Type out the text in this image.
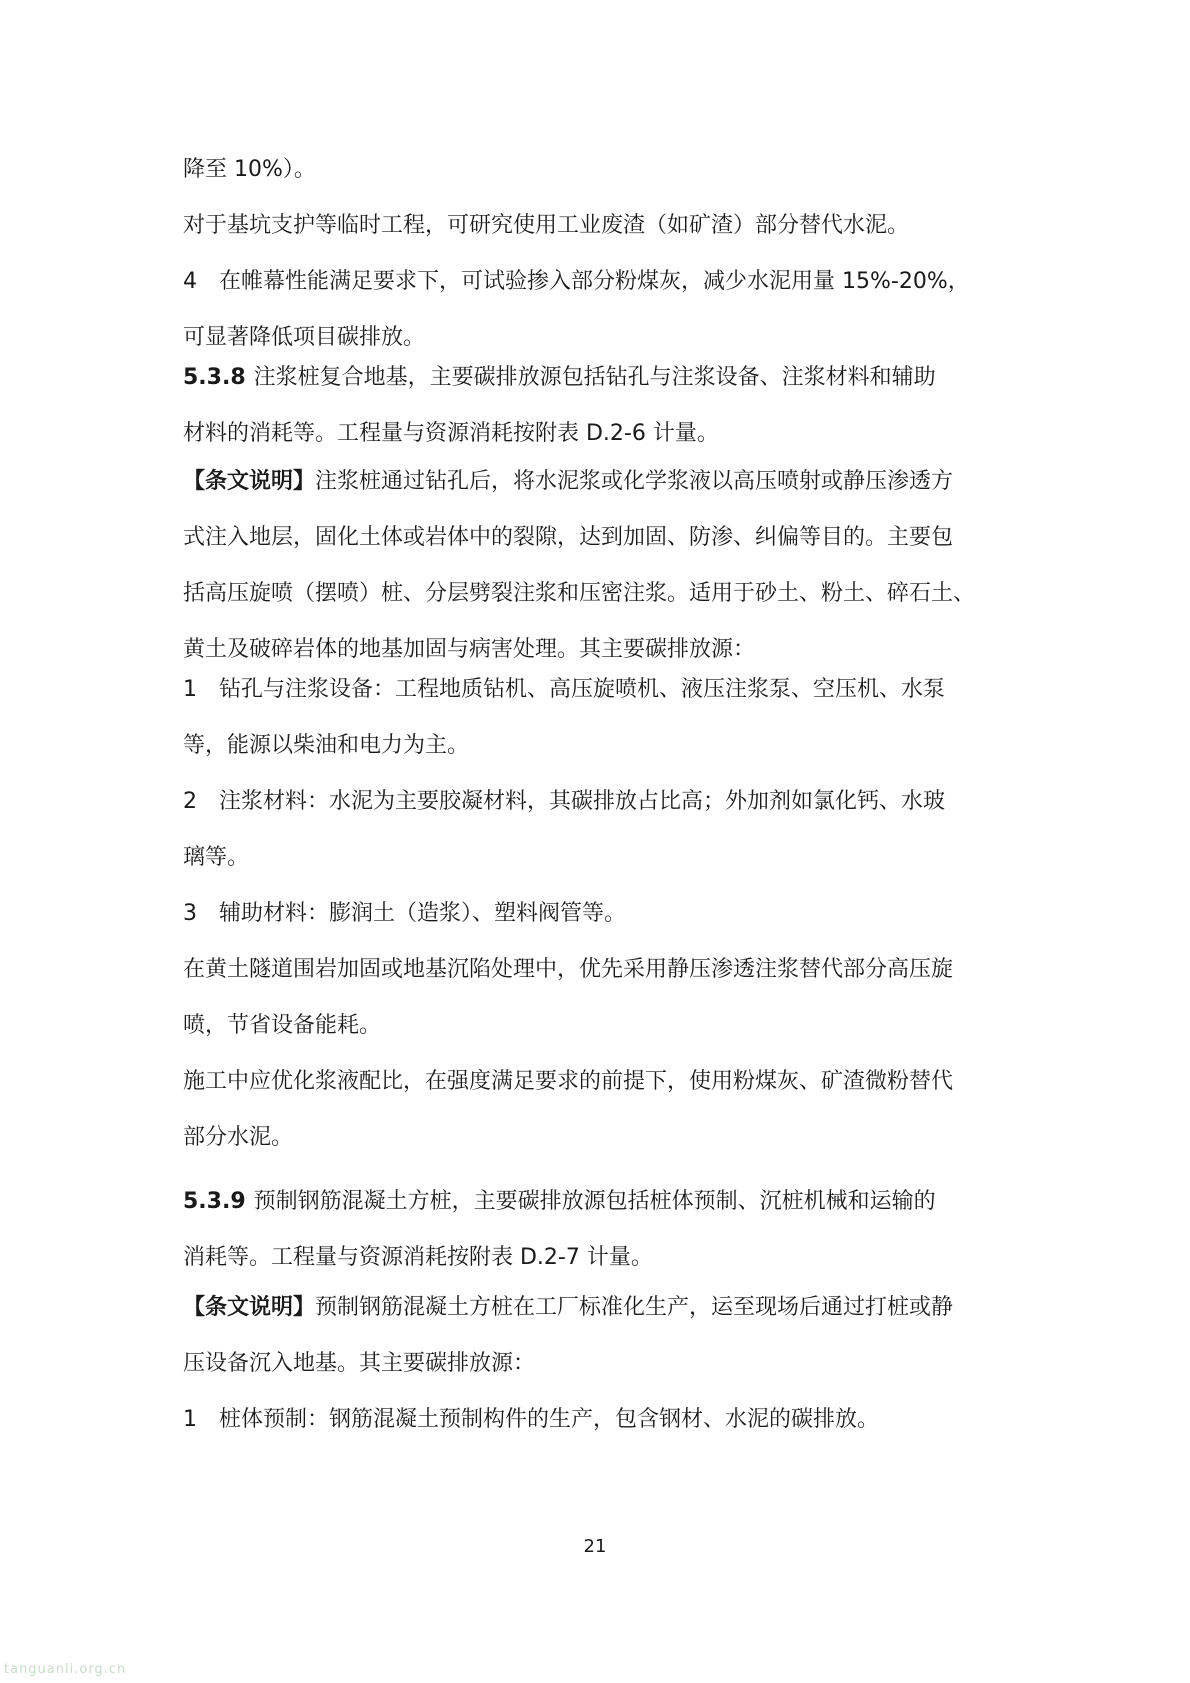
降至 10%）。
对于基坑支护等临时工程，可研究使用工业废渣（如矿渣）部分替代水泥。
4　在帷幕性能满足要求下，可试验掺入部分粉煤灰，减少水泥用量 15%-20%，
可显著降低项目碳排放。
5.3.8 注浆桩复合地基，主要碳排放源包括钻孔与注浆设备、注浆材料和辅助
材料的消耗等。工程量与资源消耗按附表 D.2-6 计量。
【条文说明】注浆桩通过钻孔后，将水泥浆或化学浆液以高压喷射或静压渗透方
式注入地层，固化土体或岩体中的裂隙，达到加固、防渗、纠偏等目的。主要包
括高压旋喷（摆喷）桩、分层劈裂注浆和压密注浆。适用于砂土、粉土、碎石土、
黄土及破碎岩体的地基加固与病害处理。其主要碳排放源：
1　钻孔与注浆设备：工程地质钻机、高压旋喷机、液压注浆泵、空压机、水泵
等，能源以柴油和电力为主。
2　注浆材料：水泥为主要胶凝材料，其碳排放占比高；外加剂如氯化钙、水玻
璃等。
3　辅助材料：膨润土（造浆）、塑料阀管等。
在黄土隧道围岩加固或地基沉陷处理中，优先采用静压渗透注浆替代部分高压旋
喷，节省设备能耗。
施工中应优化浆液配比，在强度满足要求的前提下，使用粉煤灰、矿渣微粉替代
部分水泥。
5.3.9 预制钢筋混凝土方桩，主要碳排放源包括桩体预制、沉桩机械和运输的
消耗等。工程量与资源消耗按附表 D.2-7 计量。
【条文说明】预制钢筋混凝土方桩在工厂标准化生产，运至现场后通过打桩或静
压设备沉入地基。其主要碳排放源：
1　桩体预制：钢筋混凝土预制构件的生产，包含钢材、水泥的碳排放。
21
tanguanli.org.cn
